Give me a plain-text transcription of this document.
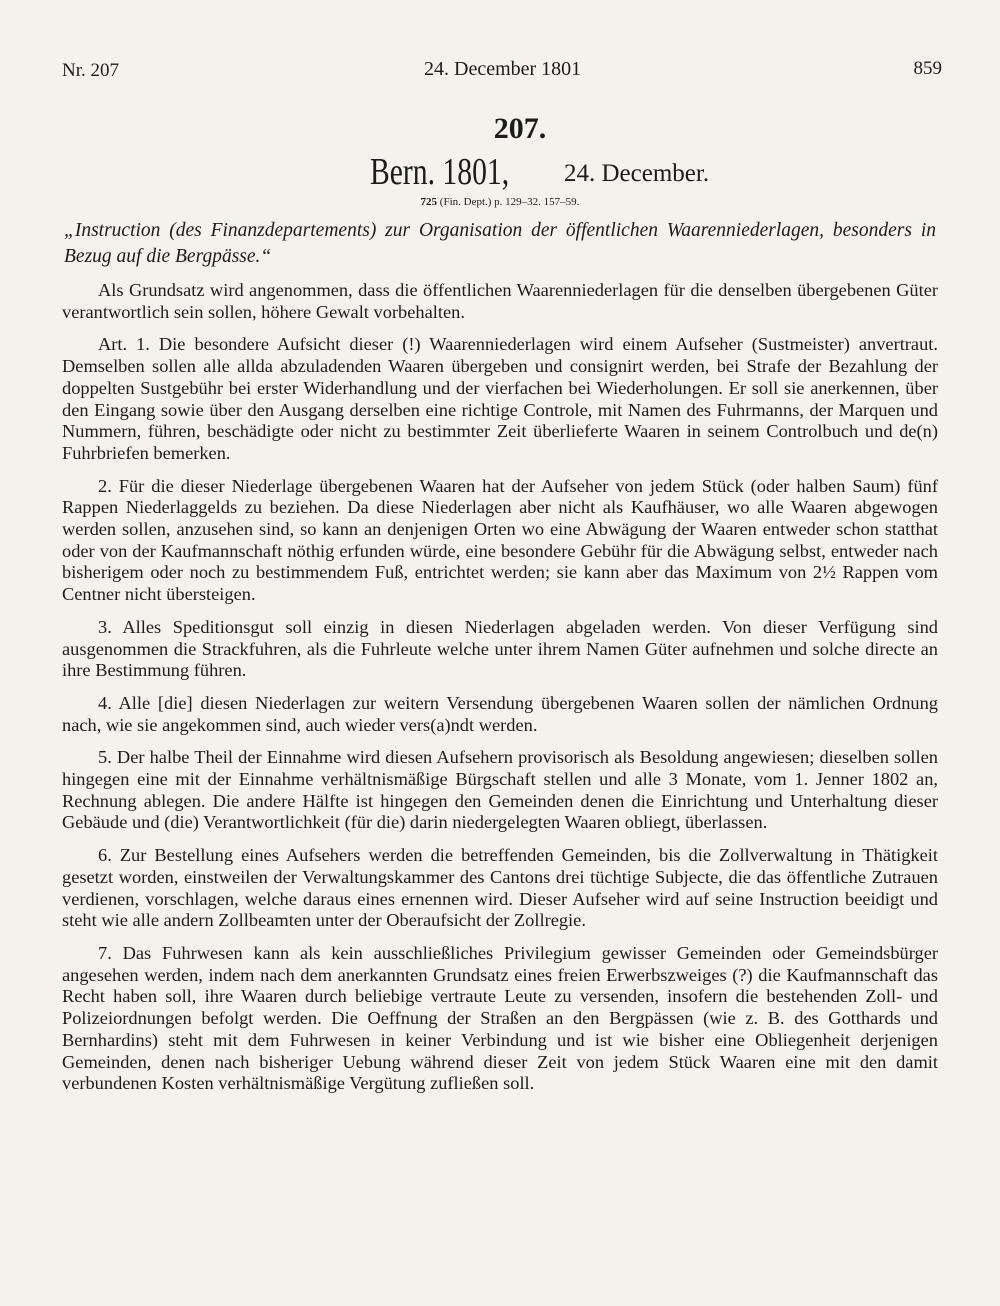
Nr. 207	24. December 1801	859
207.
Bern. 1801, 24. December.
725 (Fin. Dept.) p. 129–32. 157–59.
„Instruction (des Finanzdepartements) zur Organisation der öffentlichen Waarenniederlagen, besonders in Bezug auf die Bergpässe.“

Als Grundsatz wird angenommen, dass die öffentlichen Waarenniederlagen für die denselben übergebenen Güter verantwortlich sein sollen, höhere Gewalt vorbehalten.

Art. 1. Die besondere Aufsicht dieser (!) Waarenniederlagen wird einem Aufseher (Sustmeister) anvertraut. Demselben sollen alle allda abzuladenden Waaren übergeben und consignirt werden, bei Strafe der Bezahlung der doppelten Sustgebühr bei erster Widerhandlung und der vierfachen bei Wiederholungen. Er soll sie anerkennen, über den Eingang sowie über den Ausgang derselben eine richtige Controle, mit Namen des Fuhrmanns, der Marquen und Nummern, führen, beschädigte oder nicht zu bestimmter Zeit überlieferte Waaren in seinem Controlbuch und de(n) Fuhrbriefen bemerken.

2. Für die dieser Niederlage übergebenen Waaren hat der Aufseher von jedem Stück (oder halben Saum) fünf Rappen Niederlaggelds zu beziehen. Da diese Niederlagen aber nicht als Kaufhäuser, wo alle Waaren abgewogen werden sollen, anzusehen sind, so kann an denjenigen Orten wo eine Abwägung der Waaren entweder schon statthat oder von der Kaufmannschaft nöthig erfunden würde, eine besondere Gebühr für die Abwägung selbst, entweder nach bisherigem oder noch zu bestimmendem Fuß, entrichtet werden; sie kann aber das Maximum von 2½ Rappen vom Centner nicht übersteigen.

3. Alles Speditionsgut soll einzig in diesen Niederlagen abgeladen werden. Von dieser Verfügung sind ausgenommen die Strackfuhren, als die Fuhrleute welche unter ihrem Namen Güter aufnehmen und solche directe an ihre Bestimmung führen.

4. Alle [die] diesen Niederlagen zur weitern Versendung übergebenen Waaren sollen der nämlichen Ordnung nach, wie sie angekommen sind, auch wieder vers(a)ndt werden.

5. Der halbe Theil der Einnahme wird diesen Aufsehern provisorisch als Besoldung angewiesen; dieselben sollen hingegen eine mit der Einnahme verhältnismäßige Bürgschaft stellen und alle 3 Monate, vom 1. Jenner 1802 an, Rechnung ablegen. Die andere Hälfte ist hingegen den Gemeinden denen die Einrichtung und Unterhaltung dieser Gebäude und (die) Verantwortlichkeit (für die) darin niedergelegten Waaren obliegt, überlassen.

6. Zur Bestellung eines Aufsehers werden die betreffenden Gemeinden, bis die Zollverwaltung in Thätigkeit gesetzt worden, einstweilen der Verwaltungskammer des Cantons drei tüchtige Subjecte, die das öffentliche Zutrauen verdienen, vorschlagen, welche daraus eines ernennen wird. Dieser Aufseher wird auf seine Instruction beeidigt und steht wie alle andern Zollbeamten unter der Oberaufsicht der Zollregie.

7. Das Fuhrwesen kann als kein ausschließliches Privilegium gewisser Gemeinden oder Gemeindsbürger angesehen werden, indem nach dem anerkannten Grundsatz eines freien Erwerbszweiges (?) die Kaufmannschaft das Recht haben soll, ihre Waaren durch beliebige vertraute Leute zu versenden, insofern die bestehenden Zoll- und Polizeiordnungen befolgt werden. Die Oeffnung der Straßen an den Bergpässen (wie z. B. des Gotthards und Bernhardins) steht mit dem Fuhrwesen in keiner Verbindung und ist wie bisher eine Obliegenheit derjenigen Gemeinden, denen nach bisheriger Uebung während dieser Zeit von jedem Stück Waaren eine mit den damit verbundenen Kosten verhältnismäßige Vergütung zufließen soll.
